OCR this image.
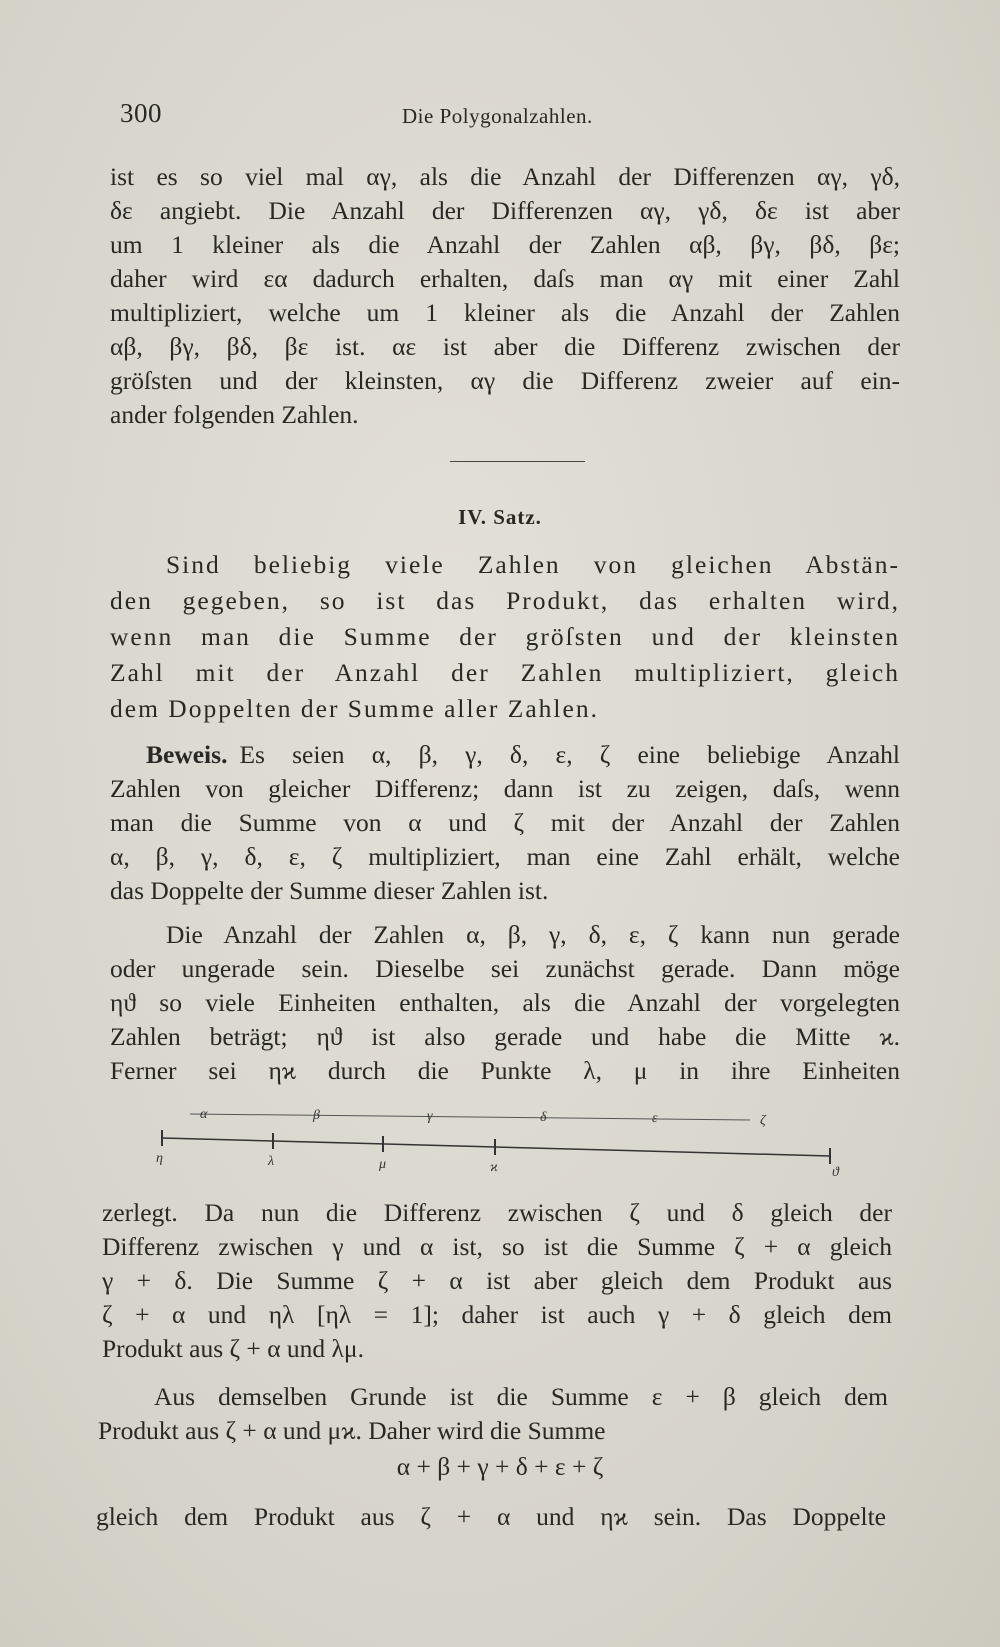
300	Die Polygonalzahlen.
ist es so viel mal αγ, als die Anzahl der Differenzen αγ, γδ,
δε angiebt. Die Anzahl der Differenzen αγ, γδ, δε ist aber
um 1 kleiner als die Anzahl der Zahlen αβ, βγ, βδ, βε;
daher wird εα dadurch erhalten, daſs man αγ mit einer Zahl
multipliziert, welche um 1 kleiner als die Anzahl der Zahlen
αβ, βγ, βδ, βε ist. αε ist aber die Differenz zwischen der
gröſsten und der kleinsten, αγ die Differenz zweier auf ein-
ander folgenden Zahlen.
IV. Satz.
Sind beliebig viele Zahlen von gleichen Abstän-
den gegeben, so ist das Produkt, das erhalten wird,
wenn man die Summe der gröſsten und der kleinsten
Zahl mit der Anzahl der Zahlen multipliziert, gleich
dem Doppelten der Summe aller Zahlen.
Beweis. Es seien α, β, γ, δ, ε, ζ eine beliebige Anzahl
Zahlen von gleicher Differenz; dann ist zu zeigen, daſs, wenn
man die Summe von α und ζ mit der Anzahl der Zahlen
α, β, γ, δ, ε, ζ multipliziert, man eine Zahl erhält, welche
das Doppelte der Summe dieser Zahlen ist.
Die Anzahl der Zahlen α, β, γ, δ, ε, ζ kann nun gerade
oder ungerade sein. Dieselbe sei zunächst gerade. Dann möge
ηϑ so viele Einheiten enthalten, als die Anzahl der vorgelegten
Zahlen beträgt; ηϑ ist also gerade und habe die Mitte ϰ.
Ferner sei ηϰ durch die Punkte λ, μ in ihre Einheiten
α	β	γ	δ	ε	ζ
η	λ	μ	ϰ	ϑ
zerlegt. Da nun die Differenz zwischen ζ und δ gleich der
Differenz zwischen γ und α ist, so ist die Summe ζ + α gleich
γ + δ. Die Summe ζ + α ist aber gleich dem Produkt aus
ζ + α und ηλ [ηλ = 1]; daher ist auch γ + δ gleich dem
Produkt aus ζ + α und λμ.
Aus demselben Grunde ist die Summe ε + β gleich dem
Produkt aus ζ + α und μϰ. Daher wird die Summe
α + β + γ + δ + ε + ζ
gleich dem Produkt aus ζ + α und ηϰ sein. Das Doppelte
